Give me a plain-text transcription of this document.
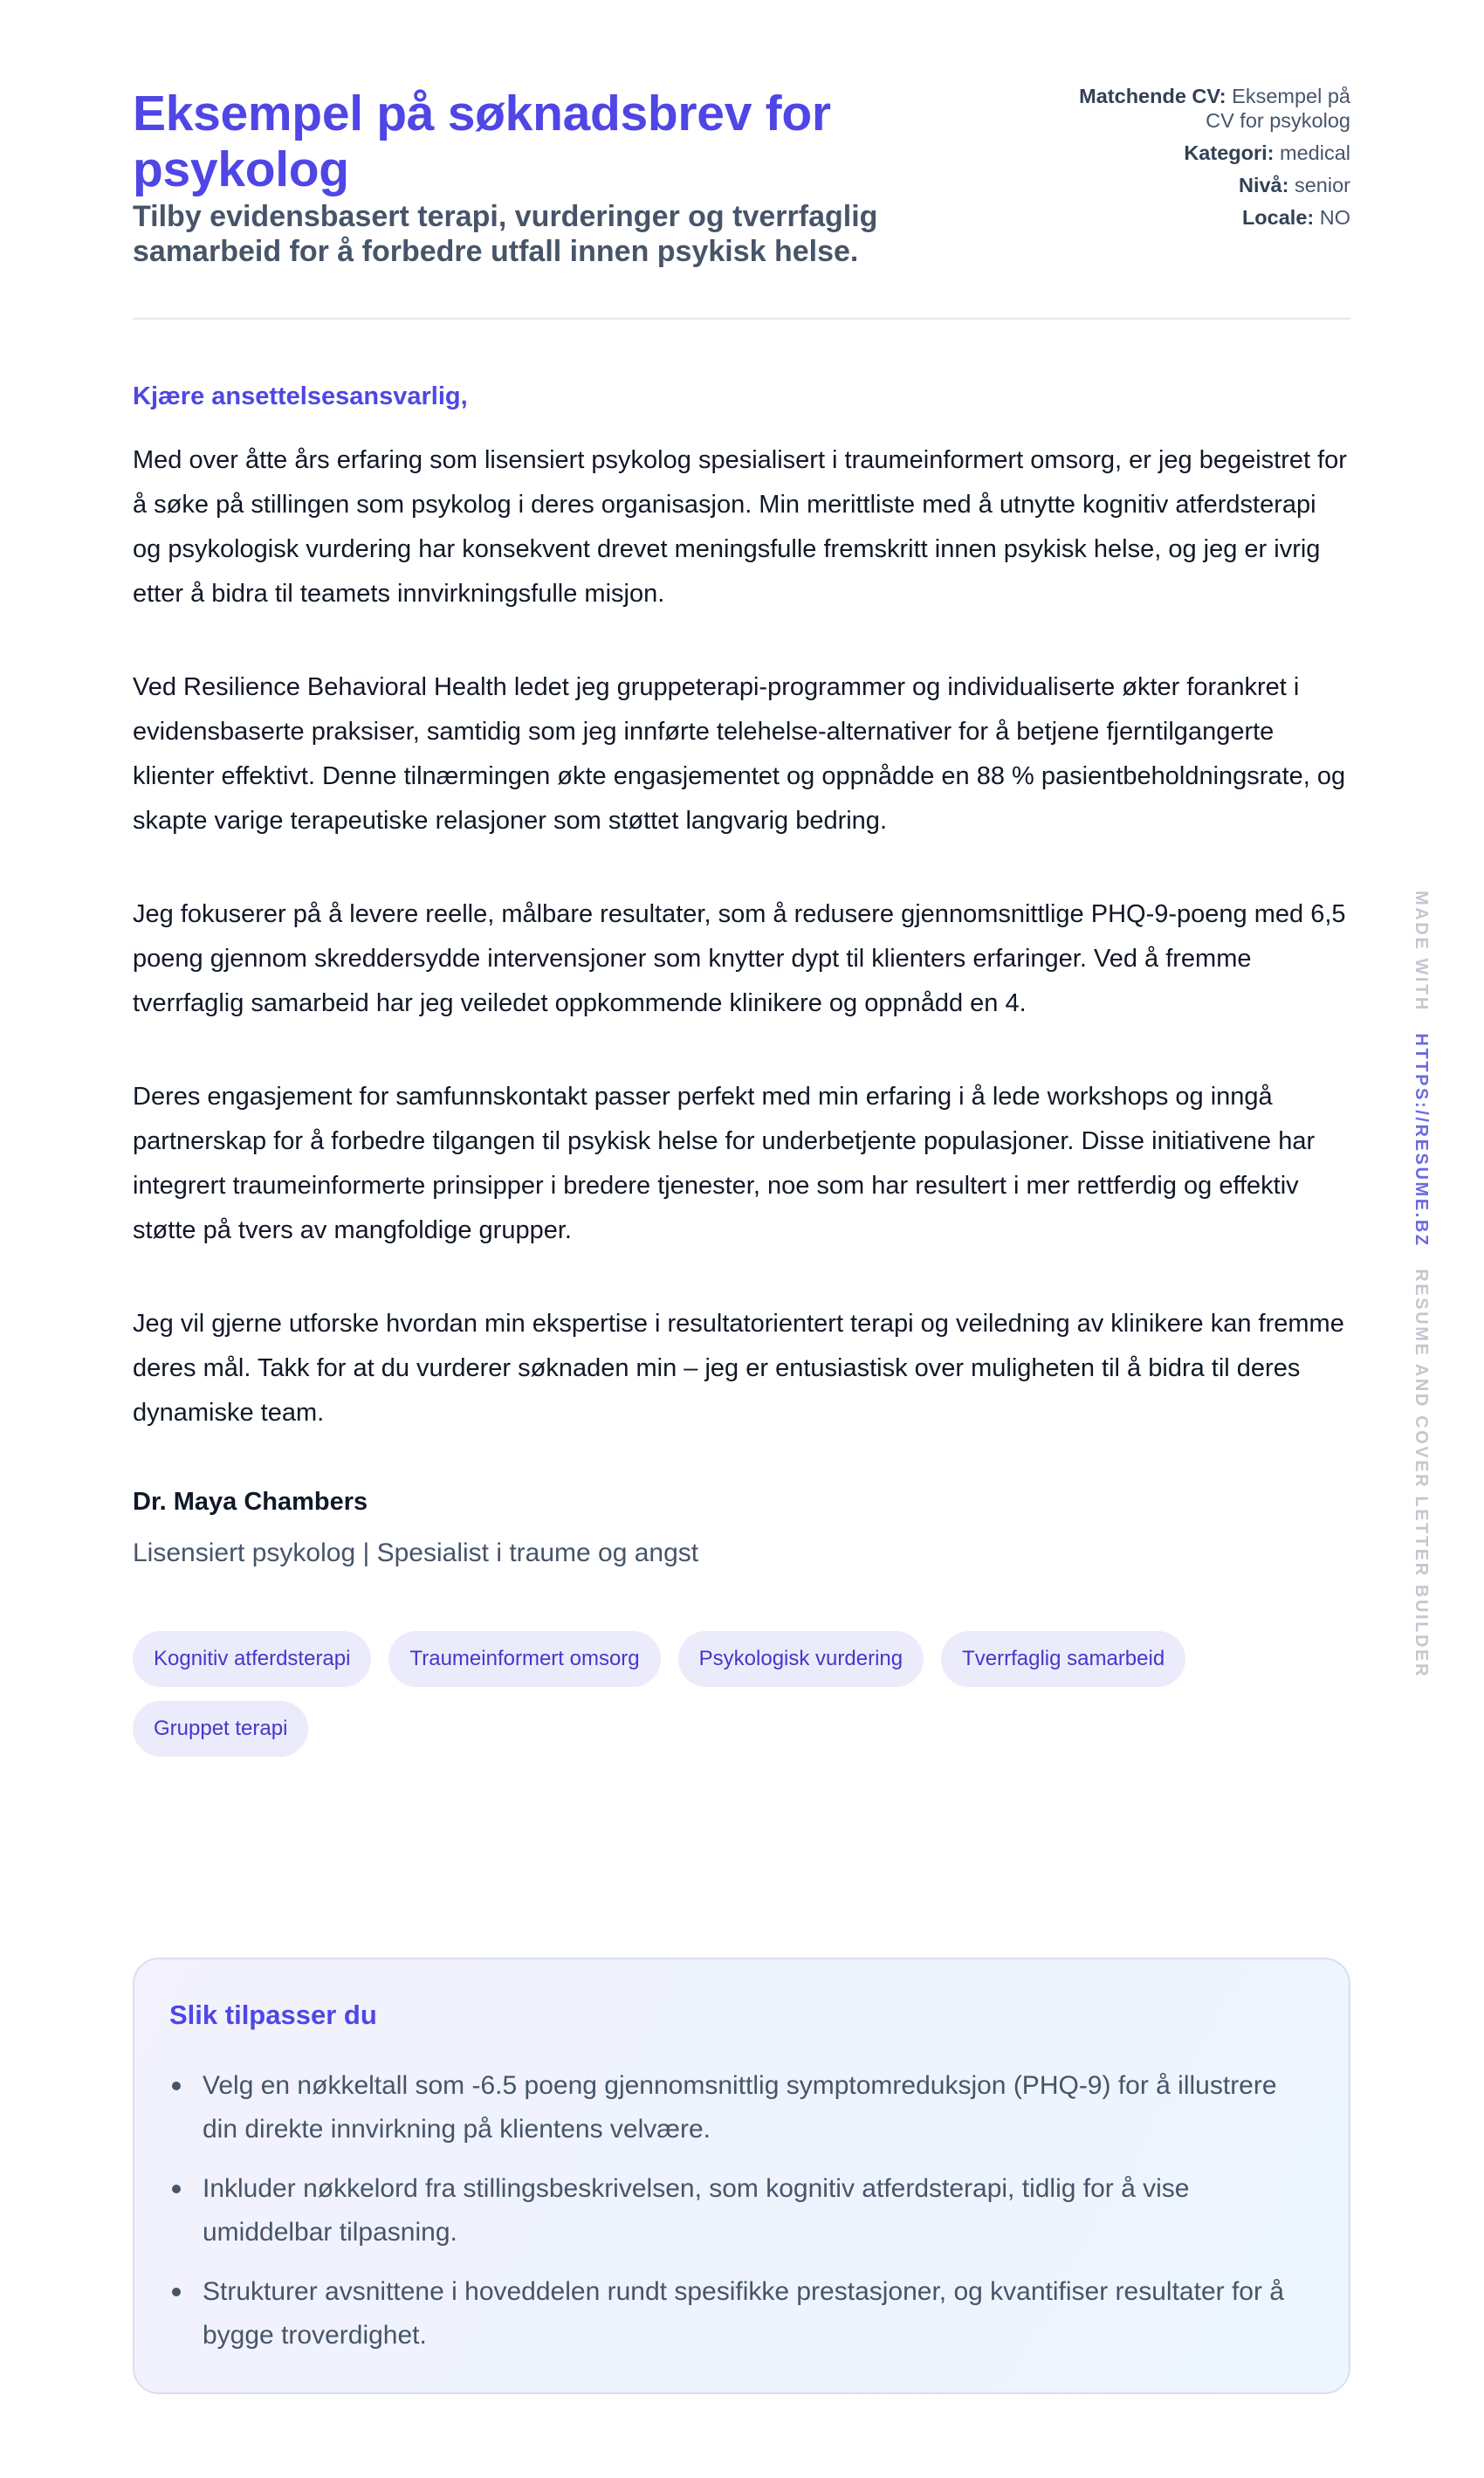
Eksempel på søknadsbrev for psykolog
Tilby evidensbasert terapi, vurderinger og tverrfaglig samarbeid for å forbedre utfall innen psykisk helse.
Matchende CV: Eksempel på CV for psykolog
Kategori: medical
Nivå: senior
Locale: NO
Kjære ansettelsesansvarlig,

Med over åtte års erfaring som lisensiert psykolog spesialisert i traumeinformert omsorg, er jeg begeistret for å søke på stillingen som psykolog i deres organisasjon. Min merittliste med å utnytte kognitiv atferdsterapi og psykologisk vurdering har konsekvent drevet meningsfulle fremskritt innen psykisk helse, og jeg er ivrig etter å bidra til teamets innvirkningsfulle misjon.

Ved Resilience Behavioral Health ledet jeg gruppeterapi-programmer og individualiserte økter forankret i evidensbaserte praksiser, samtidig som jeg innførte telehelse-alternativer for å betjene fjerntilgangerte klienter effektivt. Denne tilnærmingen økte engasjementet og oppnådde en 88 % pasientbeholdningsrate, og skapte varige terapeutiske relasjoner som støttet langvarig bedring.

Jeg fokuserer på å levere reelle, målbare resultater, som å redusere gjennomsnittlige PHQ-9-poeng med 6,5 poeng gjennom skreddersydde intervensjoner som knytter dypt til klienters erfaringer. Ved å fremme tverrfaglig samarbeid har jeg veiledet oppkommende klinikere og oppnådd en 4.

Deres engasjement for samfunnskontakt passer perfekt med min erfaring i å lede workshops og inngå partnerskap for å forbedre tilgangen til psykisk helse for underbetjente populasjoner. Disse initiativene har integrert traumeinformerte prinsipper i bredere tjenester, noe som har resultert i mer rettferdig og effektiv støtte på tvers av mangfoldige grupper.

Jeg vil gjerne utforske hvordan min ekspertise i resultatorientert terapi og veiledning av klinikere kan fremme deres mål. Takk for at du vurderer søknaden min – jeg er entusiastisk over muligheten til å bidra til deres dynamiske team.

Dr. Maya Chambers
Lisensiert psykolog | Spesialist i traume og angst
Kognitiv atferdsterapi	Traumeinformert omsorg	Psykologisk vurdering	Tverrfaglig samarbeid
Gruppet terapi
Slik tilpasser du
Velg en nøkkeltall som -6.5 poeng gjennomsnittlig symptomreduksjon (PHQ-9) for å illustrere din direkte innvirkning på klientens velvære.
Inkluder nøkkelord fra stillingsbeskrivelsen, som kognitiv atferdsterapi, tidlig for å vise umiddelbar tilpasning.
Strukturer avsnittene i hoveddelen rundt spesifikke prestasjoner, og kvantifiser resultater for å bygge troverdighet.
MADE WITH   HTTPS://RESUME.BZ   RESUME AND COVER LETTER BUILDER
